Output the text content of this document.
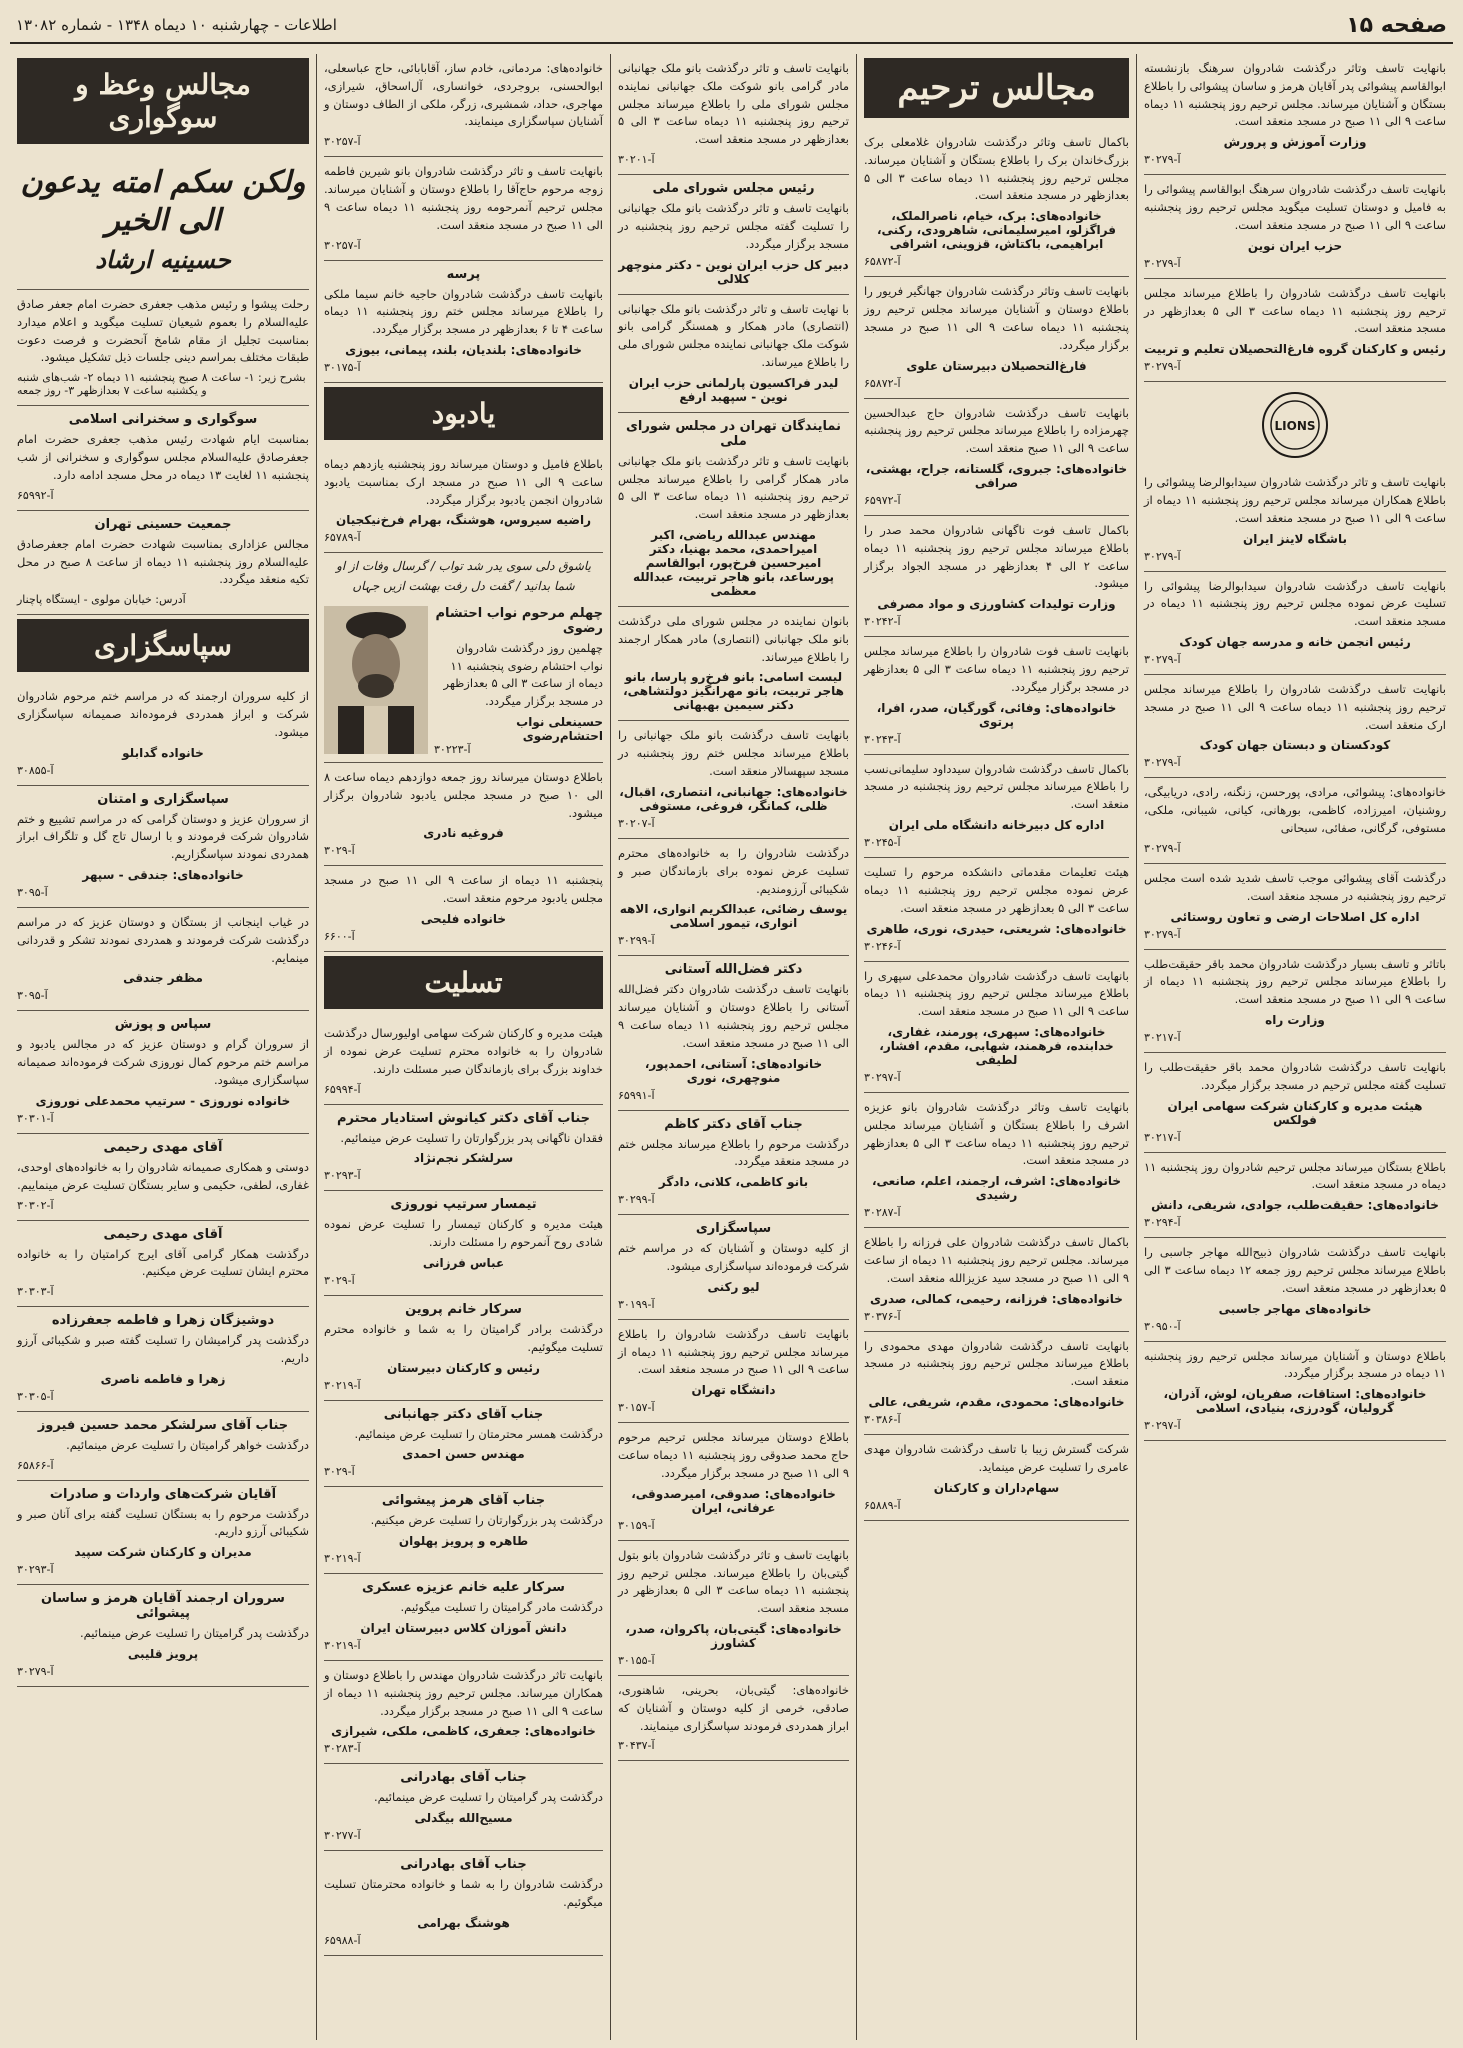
صفحه ۱۵
اطلاعات - چهارشنبه ۱۰ دیماه ۱۳۴۸ - شماره ۱۳۰۸۲
بانهایت تاسف وتاثر درگذشت شادروان سرهنگ بازنشسته ابوالقاسم پیشوائی پدر آقایان هرمز و ساسان پیشوائی را باطلاع بستگان و آشنایان میرساند. مجلس ترحیم روز پنجشنبه ۱۱ دیماه ساعت ۹ الی ۱۱ صبح در مسجد منعقد است.
وزارت آموزش و پرورش
آ-۳۰۲۷۹
بانهایت تاسف درگذشت شادروان سرهنگ ابوالقاسم پیشوائی را به فامیل و دوستان تسلیت میگوید مجلس ترحیم روز پنجشنبه ساعت ۹ الی ۱۱ صبح در مسجد منعقد است.
حزب ایران نوین
آ-۳۰۲۷۹
بانهایت تاسف درگذشت شادروان را باطلاع میرساند مجلس ترحیم روز پنجشنبه ۱۱ دیماه ساعت ۳ الی ۵ بعدازظهر در مسجد منعقد است.
رئیس و کارکنان گروه فارغ‌التحصیلان تعلیم و تربیت
آ-۳۰۲۷۹
LIONS
بانهایت تاسف و تاثر درگذشت شادروان سیدابوالرضا پیشوائی را باطلاع همکاران میرساند مجلس ترحیم روز پنجشنبه ۱۱ دیماه از ساعت ۹ الی ۱۱ صبح در مسجد منعقد است.
باشگاه لاینز ایران
آ-۳۰۲۷۹
بانهایت تاسف درگذشت شادروان سیدابوالرضا پیشوائی را تسلیت عرض نموده مجلس ترحیم روز پنجشنبه ۱۱ دیماه در مسجد منعقد است.
رئیس انجمن خانه و مدرسه جهان کودک
آ-۳۰۲۷۹
بانهایت تاسف درگذشت شادروان را باطلاع میرساند مجلس ترحیم روز پنجشنبه ۱۱ دیماه ساعت ۹ الی ۱۱ صبح در مسجد ارک منعقد است.
کودکستان و دبستان جهان کودک
آ-۳۰۲۷۹
خانواده‌های: پیشوائی، مرادی، پورحسن، زنگنه، رادی، دریابیگی، روشنیان، امیرزاده، کاظمی، بورهانی، کیانی، شیبانی، ملکی، مستوفی، گرگانی، صفائی، سبحانی
آ-۳۰۲۷۹
درگذشت آقای پیشوائی موجب تاسف شدید شده است مجلس ترحیم روز پنجشنبه در مسجد منعقد است.
اداره کل اصلاحات ارضی و تعاون روستائی
آ-۳۰۲۷۹
باتاثر و تاسف بسیار درگذشت شادروان محمد باقر حقیقت‌طلب را باطلاع میرساند مجلس ترحیم روز پنجشنبه ۱۱ دیماه از ساعت ۹ الی ۱۱ صبح در مسجد منعقد است.
وزارت راه
آ-۳۰۲۱۷
بانهایت تاسف درگذشت شادروان محمد باقر حقیقت‌طلب را تسلیت گفته مجلس ترحیم در مسجد برگزار میگردد.
هیئت مدیره و کارکنان شرکت سهامی ایران فولکس
آ-۳۰۲۱۷
باطلاع بستگان میرساند مجلس ترحیم شادروان روز پنجشنبه ۱۱ دیماه در مسجد منعقد است.
خانواده‌های: حقیقت‌طلب، جوادی، شریفی، دانش
آ-۳۰۲۹۴
بانهایت تاسف درگذشت شادروان ذبیح‌الله مهاجر جاسبی را باطلاع میرساند مجلس ترحیم روز جمعه ۱۲ دیماه ساعت ۳ الی ۵ بعدازظهر در مسجد منعقد است.
خانواده‌های مهاجر جاسبی
آ-۳۰۹۵۰
باطلاع دوستان و آشنایان میرساند مجلس ترحیم روز پنجشنبه ۱۱ دیماه در مسجد برگزار میگردد.
خانواده‌های: استاقات، صفریان، لوش، آذران، گرولیان، گودرزی، بنیادی، اسلامی
آ-۳۰۲۹۷
مجالس ترحیم
باکمال تاسف وتاثر درگذشت شادروان غلامعلی برک بزرگ‌خاندان برک را باطلاع بستگان و آشنایان میرساند. مجلس ترحیم روز پنجشنبه ۱۱ دیماه ساعت ۳ الی ۵ بعدازظهر در مسجد منعقد است.
خانواده‌های: برک، خیام، ناصرالملک، فراگزلو، امیرسلیمانی، شاهرودی، رکنی، ابراهیمی، باکتاش، قزوینی، اشرافی
آ-۶۵۸۷۲
بانهایت تاسف وتاثر درگذشت شادروان جهانگیر فریور را باطلاع دوستان و آشنایان میرساند مجلس ترحیم روز پنجشنبه ۱۱ دیماه ساعت ۹ الی ۱۱ صبح در مسجد برگزار میگردد.
فارغ‌التحصیلان دبیرستان علوی
آ-۶۵۸۷۲
بانهایت تاسف درگذشت شادروان حاج عبدالحسین چهرمزاده را باطلاع میرساند مجلس ترحیم روز پنجشنبه ساعت ۹ الی ۱۱ صبح منعقد است.
خانواده‌های: جبروی، گلستانه، جراح، بهشتی، صرافی
آ-۶۵۹۷۲
باکمال تاسف فوت ناگهانی شادروان محمد صدر را باطلاع میرساند مجلس ترحیم روز پنجشنبه ۱۱ دیماه ساعت ۲ الی ۴ بعدازظهر در مسجد الجواد برگزار میشود.
وزارت تولیدات کشاورزی و مواد مصرفی
آ-۳۰۲۴۲
بانهایت تاسف فوت شادروان را باطلاع میرساند مجلس ترحیم روز پنجشنبه ۱۱ دیماه ساعت ۳ الی ۵ بعدازظهر در مسجد برگزار میگردد.
خانواده‌های: وفائی، گورگیان، صدر، افرا، پرتوی
آ-۳۰۲۴۳
باکمال تاسف درگذشت شادروان سیدداود سلیمانی‌نسب را باطلاع میرساند مجلس ترحیم روز پنجشنبه در مسجد منعقد است.
اداره کل دبیرخانه دانشگاه ملی ایران
آ-۳۰۲۴۵
هیئت تعلیمات مقدماتی دانشکده مرحوم را تسلیت عرض نموده مجلس ترحیم روز پنجشنبه ۱۱ دیماه ساعت ۳ الی ۵ بعدازظهر در مسجد منعقد است.
خانواده‌های: شریعتی، حیدری، نوری، طاهری
آ-۳۰۲۴۶
بانهایت تاسف درگذشت شادروان محمدعلی سپهری را باطلاع میرساند مجلس ترحیم روز پنجشنبه ۱۱ دیماه ساعت ۹ الی ۱۱ صبح در مسجد منعقد است.
خانواده‌های: سپهری، پورمند، غفاری، خدابنده، فرهمند، شهابی، مقدم، افشار، لطیفی
آ-۳۰۲۹۷
بانهایت تاسف وتاثر درگذشت شادروان بانو عزیزه اشرف را باطلاع بستگان و آشنایان میرساند مجلس ترحیم روز پنجشنبه ۱۱ دیماه ساعت ۳ الی ۵ بعدازظهر در مسجد منعقد است.
خانواده‌های: اشرف، ارجمند، اعلم، صانعی، رشیدی
آ-۳۰۲۸۷
باکمال تاسف درگذشت شادروان علی فرزانه را باطلاع میرساند. مجلس ترحیم روز پنجشنبه ۱۱ دیماه از ساعت ۹ الی ۱۱ صبح در مسجد سید عزیزالله منعقد است.
خانواده‌های: فرزانه، رحیمی، کمالی، صدری
آ-۳۰۳۷۶
بانهایت تاسف درگذشت شادروان مهدی محمودی را باطلاع میرساند مجلس ترحیم روز پنجشنبه در مسجد منعقد است.
خانواده‌های: محمودی، مقدم، شریفی، عالی
آ-۳۰۳۸۶
شرکت گسترش زیبا با تاسف درگذشت شادروان مهدی عامری را تسلیت عرض مینماید.
سهام‌داران و کارکنان
آ-۶۵۸۸۹
بانهایت تاسف و تاثر درگذشت بانو ملک جهانبانی مادر گرامی بانو شوکت ملک جهانبانی نماینده مجلس شورای ملی را باطلاع میرساند مجلس ترحیم روز پنجشنبه ۱۱ دیماه ساعت ۳ الی ۵ بعدازظهر در مسجد منعقد است.
آ-۳۰۲۰۱
رئیس مجلس شورای ملی
بانهایت تاسف و تاثر درگذشت بانو ملک جهانبانی را تسلیت گفته مجلس ترحیم روز پنجشنبه در مسجد برگزار میگردد.
دبیر کل حزب ایران نوین - دکتر منوچهر کلالی
با نهایت تاسف و تاثر درگذشت بانو ملک جهانبانی (انتصاری) مادر همکار و همسنگر گرامی بانو شوکت ملک جهانبانی نماینده مجلس شورای ملی را باطلاع میرساند.
لیدر فراکسیون پارلمانی حزب ایران نوین - سپهبد ارفع
نمایندگان تهران در مجلس شورای ملی
بانهایت تاسف و تاثر درگذشت بانو ملک جهانبانی مادر همکار گرامی را باطلاع میرساند مجلس ترحیم روز پنجشنبه ۱۱ دیماه ساعت ۳ الی ۵ بعدازظهر در مسجد منعقد است.
مهندس عبدالله ریاضی، اکبر امیراحمدی، محمد بهنیا، دکتر امیرحسین فرخ‌پور، ابوالقاسم پورساعد، بانو هاجر تربیت، عبدالله معظمی
بانوان نماینده در مجلس شورای ملی درگذشت بانو ملک جهانبانی (انتصاری) مادر همکار ارجمند را باطلاع میرساند.
لیست اسامی: بانو فرخ‌رو پارسا، بانو هاجر تربیت، بانو مهرانگیز دولتشاهی، دکتر سیمین بهبهانی
بانهایت تاسف درگذشت بانو ملک جهانبانی را باطلاع میرساند مجلس ختم روز پنجشنبه در مسجد سپهسالار منعقد است.
خانواده‌های: جهانبانی، انتصاری، اقبال، ظلی، کمانگر، فروغی، مستوفی
آ-۳۰۲۰۷
درگذشت شادروان را به خانواده‌های محترم تسلیت عرض نموده برای بازماندگان صبر و شکیبائی آرزومندیم.
یوسف رضائی، عبدالکریم انواری، الاهه انواری، تیمور اسلامی
آ-۳۰۲۹۹
دکتر فضل‌الله آستانی
بانهایت تاسف درگذشت شادروان دکتر فضل‌الله آستانی را باطلاع دوستان و آشنایان میرساند مجلس ترحیم روز پنجشنبه ۱۱ دیماه ساعت ۹ الی ۱۱ صبح در مسجد منعقد است.
خانواده‌های: آستانی، احمدپور، منوچهری، نوری
آ-۶۵۹۹۱
جناب آقای دکتر کاظم
درگذشت مرحوم را باطلاع میرساند مجلس ختم در مسجد منعقد میگردد.
بانو کاظمی، کلانی، دادگر
آ-۳۰۲۹۹
سپاسگزاری
از کلیه دوستان و آشنایان که در مراسم ختم شرکت فرموده‌اند سپاسگزاری میشود.
لیو رکنی
آ-۳۰۱۹۹
بانهایت تاسف درگذشت شادروان را باطلاع میرساند مجلس ترحیم روز پنجشنبه ۱۱ دیماه از ساعت ۹ الی ۱۱ صبح در مسجد منعقد است.
دانشگاه تهران
آ-۳۰۱۵۷
باطلاع دوستان میرساند مجلس ترحیم مرحوم حاج محمد صدوقی روز پنجشنبه ۱۱ دیماه ساعت ۹ الی ۱۱ صبح در مسجد برگزار میگردد.
خانواده‌های: صدوقی، امیرصدوقی، عرفانی، ایران
آ-۳۰۱۵۹
بانهایت تاسف و تاثر درگذشت شادروان بانو بتول گیتی‌بان را باطلاع میرساند. مجلس ترحیم روز پنجشنبه ۱۱ دیماه ساعت ۳ الی ۵ بعدازظهر در مسجد منعقد است.
خانواده‌های: گیتی‌بان، پاکروان، صدر، کشاورز
آ-۳۰۱۵۵
خانواده‌های: گیتی‌بان، بحرینی، شاهنوری، صادقی، خرمی از کلیه دوستان و آشنایان که ابراز همدردی فرمودند سپاسگزاری مینمایند.
آ-۳۰۴۳۷
خانواده‌های: مردمانی، خادم ساز، آقابابائی، حاج عباسعلی، ابوالحسنی، بروجردی، خوانساری، آل‌اسحاق، شیرازی، مهاجری، حداد، شمشیری، زرگر، ملکی از الطاف دوستان و آشنایان سپاسگزاری مینمایند.
آ-۳۰۲۵۷
بانهایت تاسف و تاثر درگذشت شادروان بانو شیرین فاطمه زوجه مرحوم حاج‌آقا را باطلاع دوستان و آشنایان میرساند. مجلس ترحیم آنمرحومه روز پنجشنبه ۱۱ دیماه ساعت ۹ الی ۱۱ صبح در مسجد منعقد است.
آ-۳۰۲۵۷
پرسه
بانهایت تاسف درگذشت شادروان حاجیه خانم سیما ملکی را باطلاع میرساند مجلس ختم روز پنجشنبه ۱۱ دیماه ساعت ۴ تا ۶ بعدازظهر در مسجد برگزار میگردد.
خانواده‌های: بلندیان، بلند، پیمانی، بیوزی
آ-۳۰۱۷۵
یادبود
باطلاع فامیل و دوستان میرساند روز پنجشنبه یازدهم دیماه ساعت ۹ الی ۱۱ صبح در مسجد ارک بمناسبت یادبود شادروان انجمن یادبود برگزار میگردد.
راضیه سیروس، هوشنگ، بهرام فرخ‌نیکجیان
آ-۶۵۷۸۹
یاشوق دلی سوی یدر شد تواب / گرسال وفات از او شما بدانید / گفت دل رفت بهشت ازیں جہاں
چهلم مرحوم نواب احتشام رضوی
چهلمین روز درگذشت شادروان نواب احتشام رضوی پنجشنبه ۱۱ دیماه از ساعت ۳ الی ۵ بعدازظهر در مسجد برگزار میگردد.
حسینعلی نواب احتشام‌رضوی
آ-۳۰۲۲۳
باطلاع دوستان میرساند روز جمعه دوازدهم دیماه ساعت ۸ الی ۱۰ صبح در مسجد مجلس یادبود شادروان برگزار میشود.
فروغیه نادری
آ-۳۰۲۹
پنجشنبه ۱۱ دیماه از ساعت ۹ الی ۱۱ صبح در مسجد مجلس یادبود مرحوم منعقد است.
خانواده فلیحی
آ-۶۶۰۰
تسلیت
هیئت مدیره و کارکنان شرکت سهامی اولیورسال درگذشت شادروان را به خانواده محترم تسلیت عرض نموده از خداوند بزرگ برای بازماندگان صبر مسئلت دارند.
آ-۶۵۹۹۴
جناب آقای دکتر کیانوش استادیار محترم
فقدان ناگهانی پدر بزرگوارتان را تسلیت عرض مینمائیم.
سرلشکر نجم‌نژاد
آ-۳۰۲۹۳
تیمسار سرتیپ نوروزی
هیئت مدیره و کارکنان تیمسار را تسلیت عرض نموده شادی روح آنمرحوم را مسئلت دارند.
عباس فرزانی
آ-۳۰۲۹
سرکار خانم پروین
درگذشت برادر گرامیتان را به شما و خانواده محترم تسلیت میگوئیم.
رئیس و کارکنان دبیرستان
آ-۳۰۲۱۹
جناب آقای دکتر جهانبانی
درگذشت همسر محترمتان را تسلیت عرض مینمائیم.
مهندس حسن احمدی
آ-۳۰۲۹
جناب آقای هرمز پیشوائی
درگذشت پدر بزرگوارتان را تسلیت عرض میکنیم.
طاهره و پرویز پهلوان
آ-۳۰۲۱۹
سرکار علیه خانم عزیزه عسکری
درگذشت مادر گرامیتان را تسلیت میگوئیم.
دانش آموزان کلاس دبیرستان ایران
آ-۳۰۲۱۹
بانهایت تاثر درگذشت شادروان مهندس را باطلاع دوستان و همکاران میرساند. مجلس ترحیم روز پنجشنبه ۱۱ دیماه از ساعت ۹ الی ۱۱ صبح در مسجد برگزار میگردد.
خانواده‌های: جعفری، کاظمی، ملکی، شیرازی
آ-۳۰۲۸۳
جناب آقای بهادرانی
درگذشت پدر گرامیتان را تسلیت عرض مینمائیم.
مسیح‌الله بیگدلی
آ-۳۰۲۷۷
جناب آقای بهادرانی
درگذشت شادروان را به شما و خانواده محترمتان تسلیت میگوئیم.
هوشنگ بهرامی
آ-۶۵۹۸۸
مجالس وعظ و سوگواری
ولکن سکم امته یدعون الی الخیر
حسینیه ارشاد
رحلت پیشوا و رئیس مذهب جعفری حضرت امام جعفر صادق علیه‌السلام را بعموم شیعیان تسلیت میگوید و اعلام میدارد بمناسبت تجلیل از مقام شامخ آنحضرت و فرصت دعوت طبقات مختلف بمراسم دینی جلسات ذیل تشکیل میشود.
بشرح زیر: ۱- ساعت ۸ صبح پنجشنبه ۱۱ دیماه ۲- شب‌های شنبه و یکشنبه ساعت ۷ بعدازظهر ۳- روز جمعه
سوگواری و سخنرانی اسلامی
بمناسبت ایام شهادت رئیس مذهب جعفری حضرت امام جعفرصادق علیه‌السلام مجلس سوگواری و سخنرانی از شب پنجشنبه ۱۱ لغایت ۱۳ دیماه در محل مسجد ادامه دارد.
آ-۶۵۹۹۲
جمعیت حسینی تهران
مجالس عزاداری بمناسبت شهادت حضرت امام جعفرصادق علیه‌السلام روز پنجشنبه ۱۱ دیماه از ساعت ۸ صبح در محل تکیه منعقد میگردد.
آدرس: خیابان مولوی - ایستگاه پاچنار
سپاسگزاری
از کلیه سروران ارجمند که در مراسم ختم مرحوم شادروان شرکت و ابراز همدردی فرموده‌اند صمیمانه سپاسگزاری میشود.
خانواده گدابلو
آ-۳۰۸۵۵
سپاسگزاری و امتنان
از سروران عزیز و دوستان گرامی که در مراسم تشییع و ختم شادروان شرکت فرمودند و با ارسال تاج گل و تلگراف ابراز همدردی نمودند سپاسگزاریم.
خانواده‌های: جندقی - سپهر
آ-۳۰۹۵
در غیاب اینجانب از بستگان و دوستان عزیز که در مراسم درگذشت شرکت فرمودند و همدردی نمودند تشکر و قدردانی مینمایم.
مظفر جندقی
آ-۳۰۹۵
سپاس و پوزش
از سروران گرام و دوستان عزیز که در مجالس یادبود و مراسم ختم مرحوم کمال نوروزی شرکت فرموده‌اند صمیمانه سپاسگزاری میشود.
خانواده نوروزی - سرتیپ محمدعلی نوروزی
آ-۳۰۳۰۱
آقای مهدی رحیمی
دوستی و همکاری صمیمانه شادروان را به خانواده‌های اوحدی، غفاری، لطفی، حکیمی و سایر بستگان تسلیت عرض مینماییم.
آ-۳۰۳۰۲
آقای مهدی رحیمی
درگذشت همکار گرامی آقای ایرج کرامتیان را به خانواده محترم ایشان تسلیت عرض میکنیم.
آ-۳۰۳۰۳
دوشیزگان زهرا و فاطمه جعفرزاده
درگذشت پدر گرامیشان را تسلیت گفته صبر و شکیبائی آرزو داریم.
زهرا و فاطمه ناصری
آ-۳۰۳۰۵
جناب آقای سرلشکر محمد حسین فیروز
درگذشت خواهر گرامیتان را تسلیت عرض مینمائیم.
آ-۶۵۸۶۶
آقایان شرکت‌های واردات و صادرات
درگذشت مرحوم را به بستگان تسلیت گفته برای آنان صبر و شکیبائی آرزو داریم.
مدیران و کارکنان شرکت سپید
آ-۳۰۲۹۳
سروران ارجمند آقایان هرمز و ساسان پیشوائی
درگذشت پدر گرامیتان را تسلیت عرض مینمائیم.
پرویز قلیبی
آ-۳۰۲۷۹
